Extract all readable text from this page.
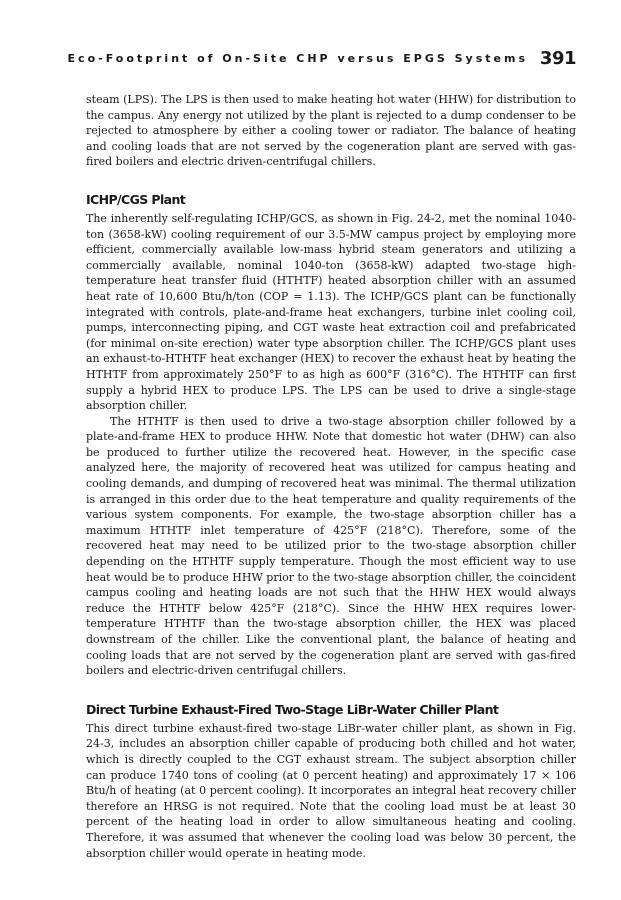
Eco-Footprint of On-Site CHP versus EPGS Systems 391

steam (LPS). The LPS is then used to make heating hot water (HHW) for distribution to the campus. Any energy not utilized by the plant is rejected to a dump condenser to be rejected to atmosphere by either a cooling tower or radiator. The balance of heating and cooling loads that are not served by the cogeneration plant are served with gas-fired boilers and electric driven-centrifugal chillers.

ICHP/CGS Plant

The inherently self-regulating ICHP/GCS, as shown in Fig. 24-2, met the nominal 1040-ton (3658-kW) cooling requirement of our 3.5-MW campus project by employing more efficient, commercially available low-mass hybrid steam generators and utilizing a commercially available, nominal 1040-ton (3658-kW) adapted two-stage high-temperature heat transfer fluid (HTHTF) heated absorption chiller with an assumed heat rate of 10,600 Btu/h/ton (COP = 1.13). The ICHP/GCS plant can be functionally integrated with controls, plate-and-frame heat exchangers, turbine inlet cooling coil, pumps, interconnecting piping, and CGT waste heat extraction coil and prefabricated (for minimal on-site erection) water type absorption chiller. The ICHP/GCS plant uses an exhaust-to-HTHTF heat exchanger (HEX) to recover the exhaust heat by heating the HTHTF from approximately 250°F to as high as 600°F (316°C). The HTHTF can first supply a hybrid HEX to produce LPS. The LPS can be used to drive a single-stage absorption chiller.

The HTHTF is then used to drive a two-stage absorption chiller followed by a plate-and-frame HEX to produce HHW. Note that domestic hot water (DHW) can also be produced to further utilize the recovered heat. However, in the specific case analyzed here, the majority of recovered heat was utilized for campus heating and cooling demands, and dumping of recovered heat was minimal. The thermal utilization is arranged in this order due to the heat temperature and quality requirements of the various system components. For example, the two-stage absorption chiller has a maximum HTHTF inlet temperature of 425°F (218°C). Therefore, some of the recovered heat may need to be utilized prior to the two-stage absorption chiller depending on the HTHTF supply temperature. Though the most efficient way to use heat would be to produce HHW prior to the two-stage absorption chiller, the coincident campus cooling and heating loads are not such that the HHW HEX would always reduce the HTHTF below 425°F (218°C). Since the HHW HEX requires lower-temperature HTHTF than the two-stage absorption chiller, the HEX was placed downstream of the chiller. Like the conventional plant, the balance of heating and cooling loads that are not served by the cogeneration plant are served with gas-fired boilers and electric-driven centrifugal chillers.

Direct Turbine Exhaust-Fired Two-Stage LiBr-Water Chiller Plant

This direct turbine exhaust-fired two-stage LiBr-water chiller plant, as shown in Fig. 24-3, includes an absorption chiller capable of producing both chilled and hot water, which is directly coupled to the CGT exhaust stream. The subject absorption chiller can produce 1740 tons of cooling (at 0 percent heating) and approximately 17 × 106 Btu/h of heating (at 0 percent cooling). It incorporates an integral heat recovery chiller therefore an HRSG is not required. Note that the cooling load must be at least 30 percent of the heating load in order to allow simultaneous heating and cooling. Therefore, it was assumed that whenever the cooling load was below 30 percent, the absorption chiller would operate in heating mode.
